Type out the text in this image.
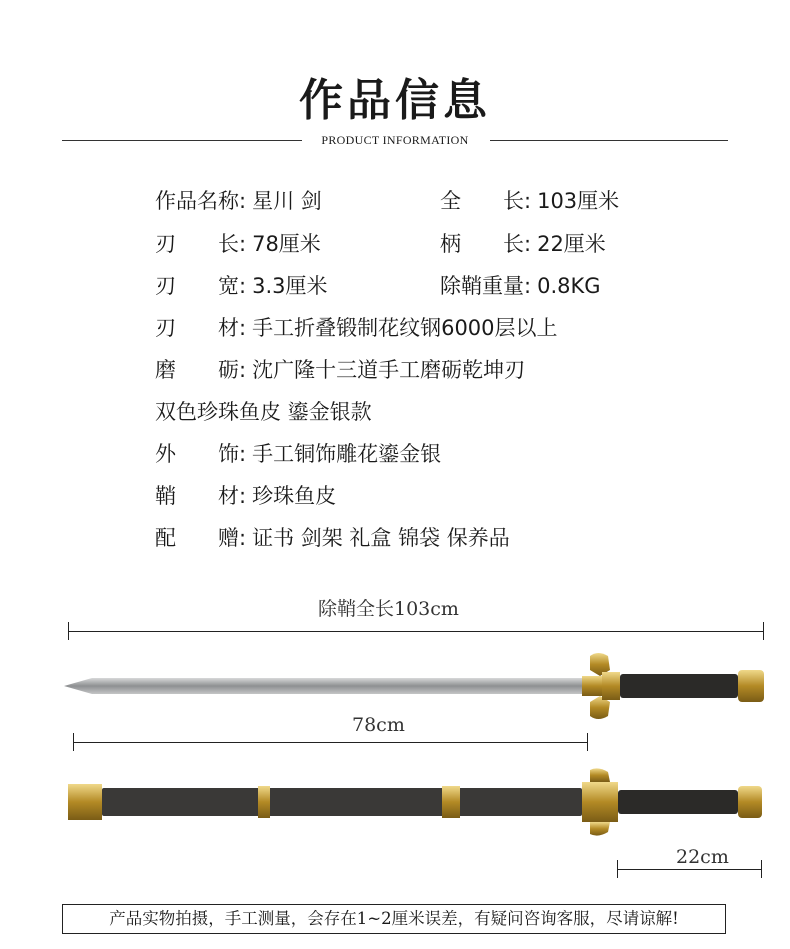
作品信息
PRODUCT INFORMATION
作品名称: 星川 剑	全　　长: 103厘米
刃　　长: 78厘米	柄　　长: 22厘米
刃　　宽: 3.3厘米	除鞘重量: 0.8KG
刃　　材: 手工折叠锻制花纹钢6000层以上
磨　　砺: 沈广隆十三道手工磨砺乾坤刃
双色珍珠鱼皮 鎏金银款
外　　饰: 手工铜饰雕花鎏金银
鞘　　材: 珍珠鱼皮
配　　赠: 证书 剑架 礼盒 锦袋 保养品
除鞘全长103cm
78cm
22cm
产品实物拍摄，手工测量，会存在1~2厘米误差，有疑问咨询客服，尽请谅解!
